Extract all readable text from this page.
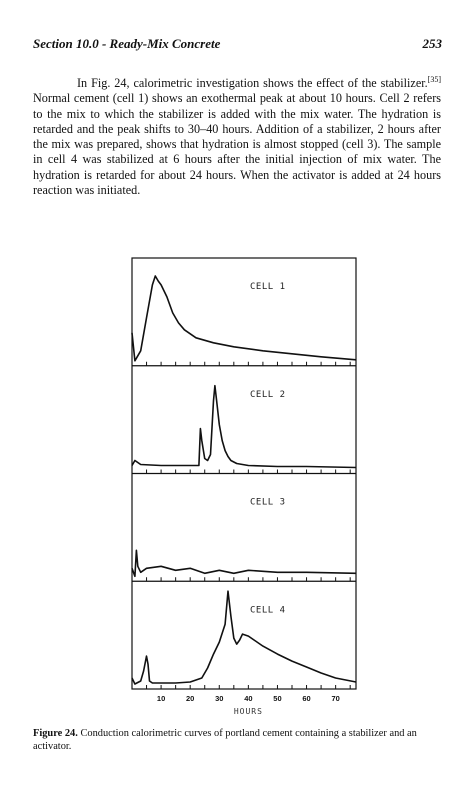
Section 10.0 - Ready-Mix Concrete	253
In Fig. 24, calorimetric investigation shows the effect of the stabilizer.[35] Normal cement (cell 1) shows an exothermal peak at about 10 hours. Cell 2 refers to the mix to which the stabilizer is added with the mix water. The hydration is retarded and the peak shifts to 30–40 hours. Addition of a stabilizer, 2 hours after the mix was prepared, shows that hydration is almost stopped (cell 3). The sample in cell 4 was stabilized at 6 hours after the initial injection of mix water. The hydration is retarded for about 24 hours. When the activator is added at 24 hours reaction was initiated.
CELL 1
CELL 2
CELL 3
CELL 4
10	20	30	40	50	60	70
HOURS
Figure 24. Conduction calorimetric curves of portland cement containing a stabilizer and an activator.
